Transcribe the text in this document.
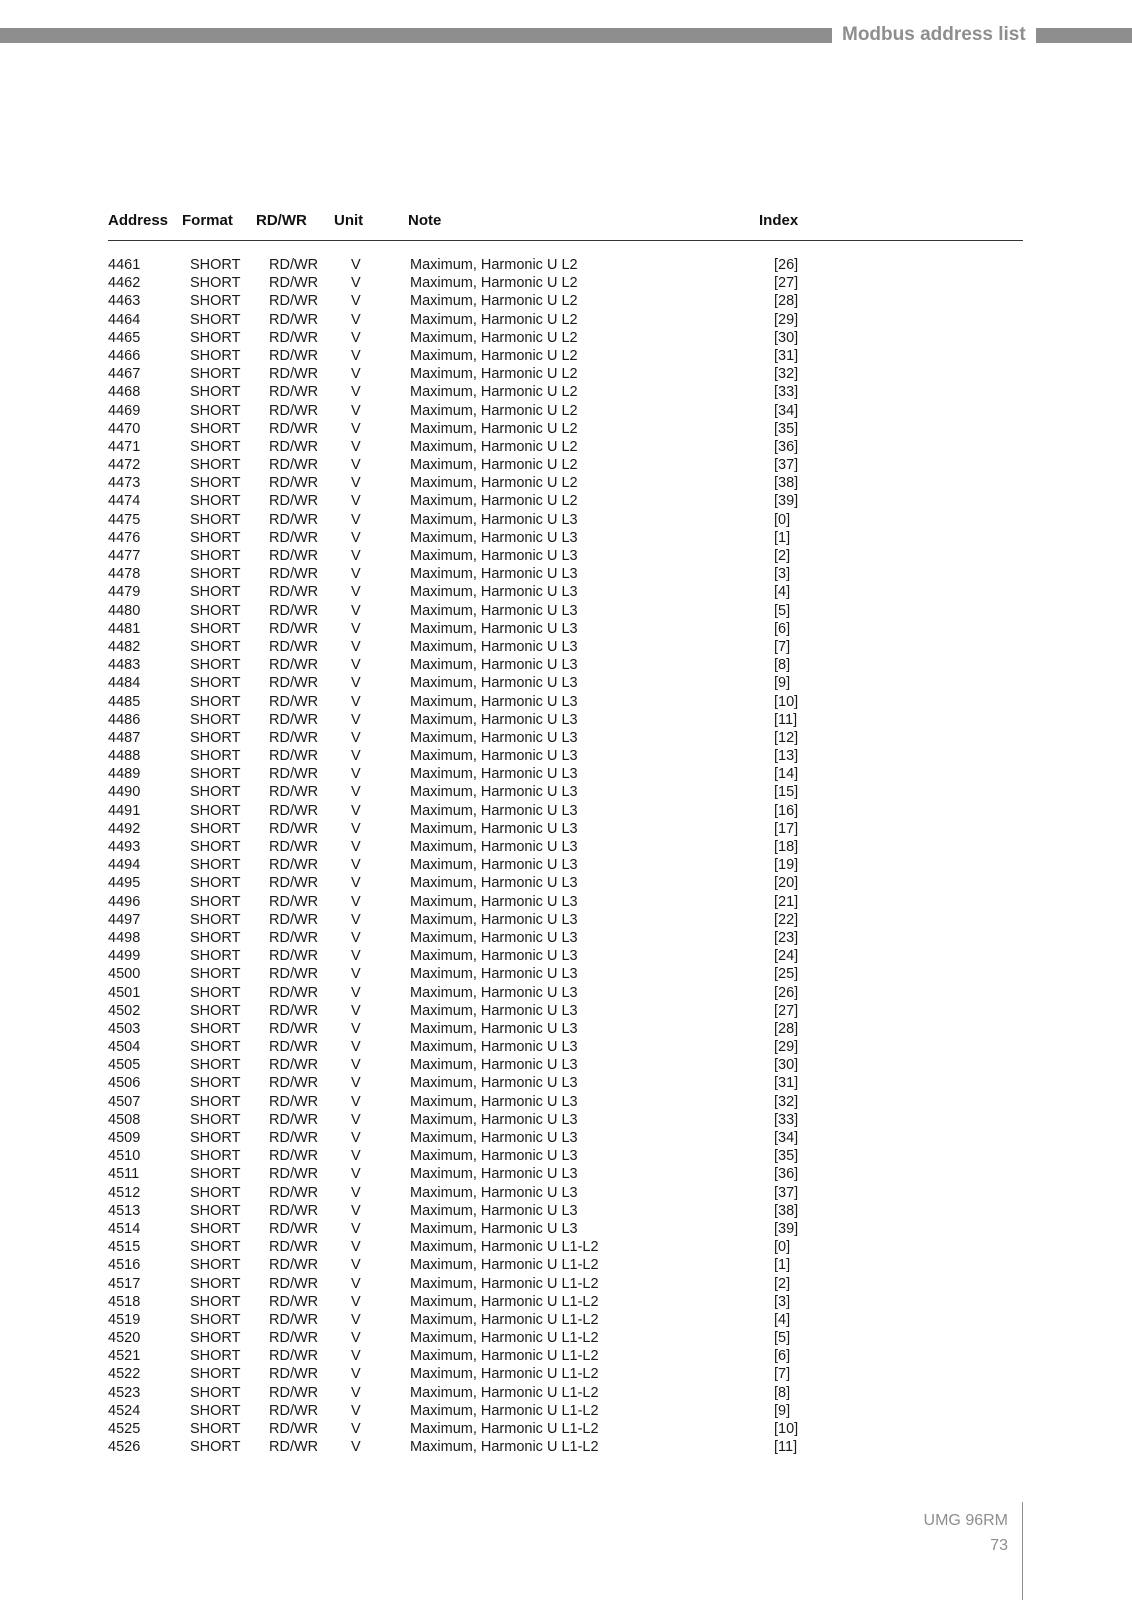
Modbus address list
Address Format RD/WR Unit	Note	Index
4461	SHORT RD/WR V	Maximum, Harmonic U L2	[26]
4462	SHORT RD/WR V	Maximum, Harmonic U L2	[27]
4463	SHORT RD/WR V	Maximum, Harmonic U L2	[28]
4464	SHORT RD/WR V	Maximum, Harmonic U L2	[29]
4465	SHORT RD/WR V	Maximum, Harmonic U L2	[30]
4466	SHORT RD/WR V	Maximum, Harmonic U L2	[31]
4467	SHORT RD/WR V	Maximum, Harmonic U L2	[32]
4468	SHORT RD/WR V	Maximum, Harmonic U L2	[33]
4469	SHORT RD/WR V	Maximum, Harmonic U L2	[34]
4470	SHORT RD/WR V	Maximum, Harmonic U L2	[35]
4471	SHORT RD/WR V	Maximum, Harmonic U L2	[36]
4472	SHORT RD/WR V	Maximum, Harmonic U L2	[37]
4473	SHORT RD/WR V	Maximum, Harmonic U L2	[38]
4474	SHORT RD/WR V	Maximum, Harmonic U L2	[39]
4475	SHORT RD/WR V	Maximum, Harmonic U L3	[0]
4476	SHORT RD/WR V	Maximum, Harmonic U L3	[1]
4477	SHORT RD/WR V	Maximum, Harmonic U L3	[2]
4478	SHORT RD/WR V	Maximum, Harmonic U L3	[3]
4479	SHORT RD/WR V	Maximum, Harmonic U L3	[4]
4480	SHORT RD/WR V	Maximum, Harmonic U L3	[5]
4481	SHORT RD/WR V	Maximum, Harmonic U L3	[6]
4482	SHORT RD/WR V	Maximum, Harmonic U L3	[7]
4483	SHORT RD/WR V	Maximum, Harmonic U L3	[8]
4484	SHORT RD/WR V	Maximum, Harmonic U L3	[9]
4485	SHORT RD/WR V	Maximum, Harmonic U L3	[10]
4486	SHORT RD/WR V	Maximum, Harmonic U L3	[11]
4487	SHORT RD/WR V	Maximum, Harmonic U L3	[12]
4488	SHORT RD/WR V	Maximum, Harmonic U L3	[13]
4489	SHORT RD/WR V	Maximum, Harmonic U L3	[14]
4490	SHORT RD/WR V	Maximum, Harmonic U L3	[15]
4491	SHORT RD/WR V	Maximum, Harmonic U L3	[16]
4492	SHORT RD/WR V	Maximum, Harmonic U L3	[17]
4493	SHORT RD/WR V	Maximum, Harmonic U L3	[18]
4494	SHORT RD/WR V	Maximum, Harmonic U L3	[19]
4495	SHORT RD/WR V	Maximum, Harmonic U L3	[20]
4496	SHORT RD/WR V	Maximum, Harmonic U L3	[21]
4497	SHORT RD/WR V	Maximum, Harmonic U L3	[22]
4498	SHORT RD/WR V	Maximum, Harmonic U L3	[23]
4499	SHORT RD/WR V	Maximum, Harmonic U L3	[24]
4500	SHORT RD/WR V	Maximum, Harmonic U L3	[25]
4501	SHORT RD/WR V	Maximum, Harmonic U L3	[26]
4502	SHORT RD/WR V	Maximum, Harmonic U L3	[27]
4503	SHORT RD/WR V	Maximum, Harmonic U L3	[28]
4504	SHORT RD/WR V	Maximum, Harmonic U L3	[29]
4505	SHORT RD/WR V	Maximum, Harmonic U L3	[30]
4506	SHORT RD/WR V	Maximum, Harmonic U L3	[31]
4507	SHORT RD/WR V	Maximum, Harmonic U L3	[32]
4508	SHORT RD/WR V	Maximum, Harmonic U L3	[33]
4509	SHORT RD/WR V	Maximum, Harmonic U L3	[34]
4510	SHORT RD/WR V	Maximum, Harmonic U L3	[35]
4511	SHORT RD/WR V	Maximum, Harmonic U L3	[36]
4512	SHORT RD/WR V	Maximum, Harmonic U L3	[37]
4513	SHORT RD/WR V	Maximum, Harmonic U L3	[38]
4514	SHORT RD/WR V	Maximum, Harmonic U L3	[39]
4515	SHORT RD/WR V	Maximum, Harmonic U L1-L2	[0]
4516	SHORT RD/WR V	Maximum, Harmonic U L1-L2	[1]
4517	SHORT RD/WR V	Maximum, Harmonic U L1-L2	[2]
4518	SHORT RD/WR V	Maximum, Harmonic U L1-L2	[3]
4519	SHORT RD/WR V	Maximum, Harmonic U L1-L2	[4]
4520	SHORT RD/WR V	Maximum, Harmonic U L1-L2	[5]
4521	SHORT RD/WR V	Maximum, Harmonic U L1-L2	[6]
4522	SHORT RD/WR V	Maximum, Harmonic U L1-L2	[7]
4523	SHORT RD/WR V	Maximum, Harmonic U L1-L2	[8]
4524	SHORT RD/WR V	Maximum, Harmonic U L1-L2	[9]
4525	SHORT RD/WR V	Maximum, Harmonic U L1-L2	[10]
4526	SHORT RD/WR V	Maximum, Harmonic U L1-L2	[11]
UMG 96RM
73
